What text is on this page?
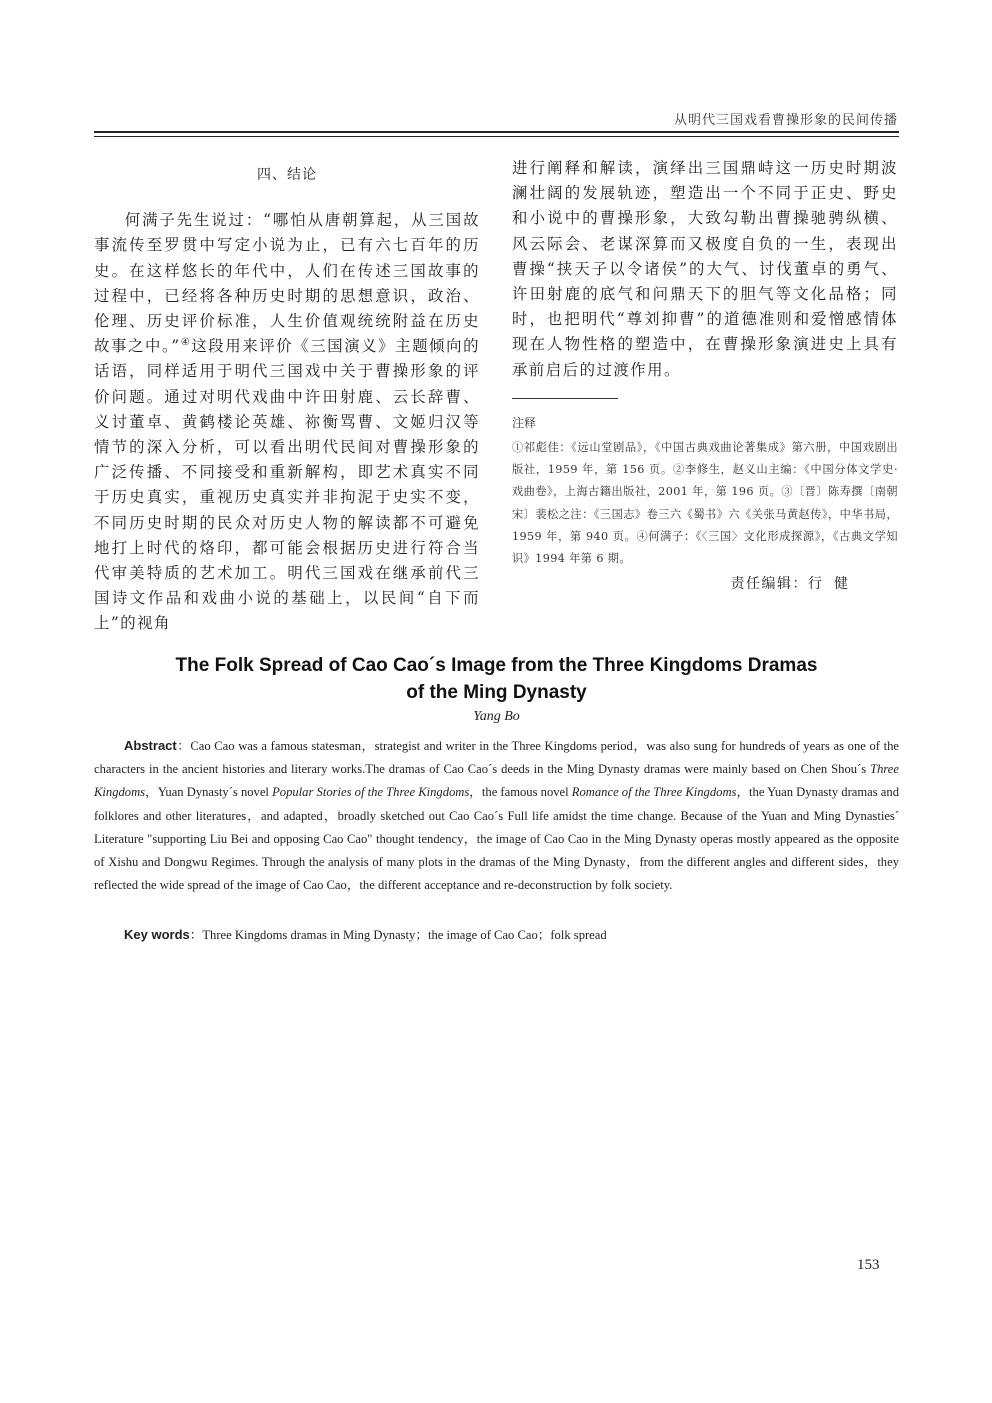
从明代三国戏看曹操形象的民间传播
四、结论

何满子先生说过：“哪怕从唐朝算起，从三国故事流传至罗贯中写定小说为止，已有六七百年的历史。在这样悠长的年代中，人们在传述三国故事的过程中，已经将各种历史时期的思想意识，政治、伦理、历史评价标准，人生价值观统统附益在历史故事之中。”④这段用来评价《三国演义》主题倾向的话语，同样适用于明代三国戏中关于曹操形象的评价问题。通过对明代戏曲中许田射鹿、云长辞曹、义讨董卓、黄鹤楼论英雄、祢衡骂曹、文姬归汉等情节的深入分析，可以看出明代民间对曹操形象的广泛传播、不同接受和重新解构，即艺术真实不同于历史真实，重视历史真实并非拘泥于史实不变，不同历史时期的民众对历史人物的解读都不可避免地打上时代的烙印，都可能会根据历史进行符合当代审美特质的艺术加工。明代三国戏在继承前代三国诗文作品和戏曲小说的基础上，以民间“自下而上”的视角

进行阐释和解读，演绎出三国鼎峙这一历史时期波澜壮阔的发展轨迹，塑造出一个不同于正史、野史和小说中的曹操形象，大致勾勒出曹操驰骋纵横、风云际会、老谋深算而又极度自负的一生，表现出曹操“挟天子以令诸侯”的大气、讨伐董卓的勇气、许田射鹿的底气和问鼎天下的胆气等文化品格；同时，也把明代“尊刘抑曹”的道德准则和爱憎感情体现在人物性格的塑造中，在曹操形象演进史上具有承前启后的过渡作用。

注释
①祁彪佳：《远山堂剧品》，《中国古典戏曲论著集成》第六册，中国戏剧出版社，1959 年，第 156 页。②李修生，赵义山主编：《中国分体文学史·戏曲卷》，上海古籍出版社，2001 年，第 196 页。③〔晋〕陈寿撰〔南朝宋〕裴松之注：《三国志》卷三六《蜀书》六《关张马黄赵传》，中华书局，1959 年，第 940 页。④何满子：《〈三国〉文化形成探源》，《古典文学知识》1994 年第 6 期。
责任编辑：行健
The Folk Spread of Cao Cao´s Image from the Three Kingdoms Dramas
of the Ming Dynasty
Yang Bo
Abstract：Cao Cao was a famous statesman，strategist and writer in the Three Kingdoms period，was also sung for hundreds of years as one of the characters in the ancient histories and literary works.The dramas of Cao Cao´s deeds in the Ming Dynasty dramas were mainly based on Chen Shou´s Three Kingdoms，Yuan Dynasty´s novel Popular Stories of the Three Kingdoms，the famous novel Romance of the Three Kingdoms，the Yuan Dynasty dramas and folklores and other literatures，and adapted，broadly sketched out Cao Cao´s Full life amidst the time change. Because of the Yuan and Ming Dynasties´ Literature "supporting Liu Bei and opposing Cao Cao" thought tendency，the image of Cao Cao in the Ming Dynasty operas mostly appeared as the opposite of Xishu and Dongwu Regimes. Through the analysis of many plots in the dramas of the Ming Dynasty，from the different angles and different sides，they reflected the wide spread of the image of Cao Cao，the different acceptance and re-deconstruction by folk society.
Key words：Three Kingdoms dramas in Ming Dynasty；the image of Cao Cao；folk spread
153
